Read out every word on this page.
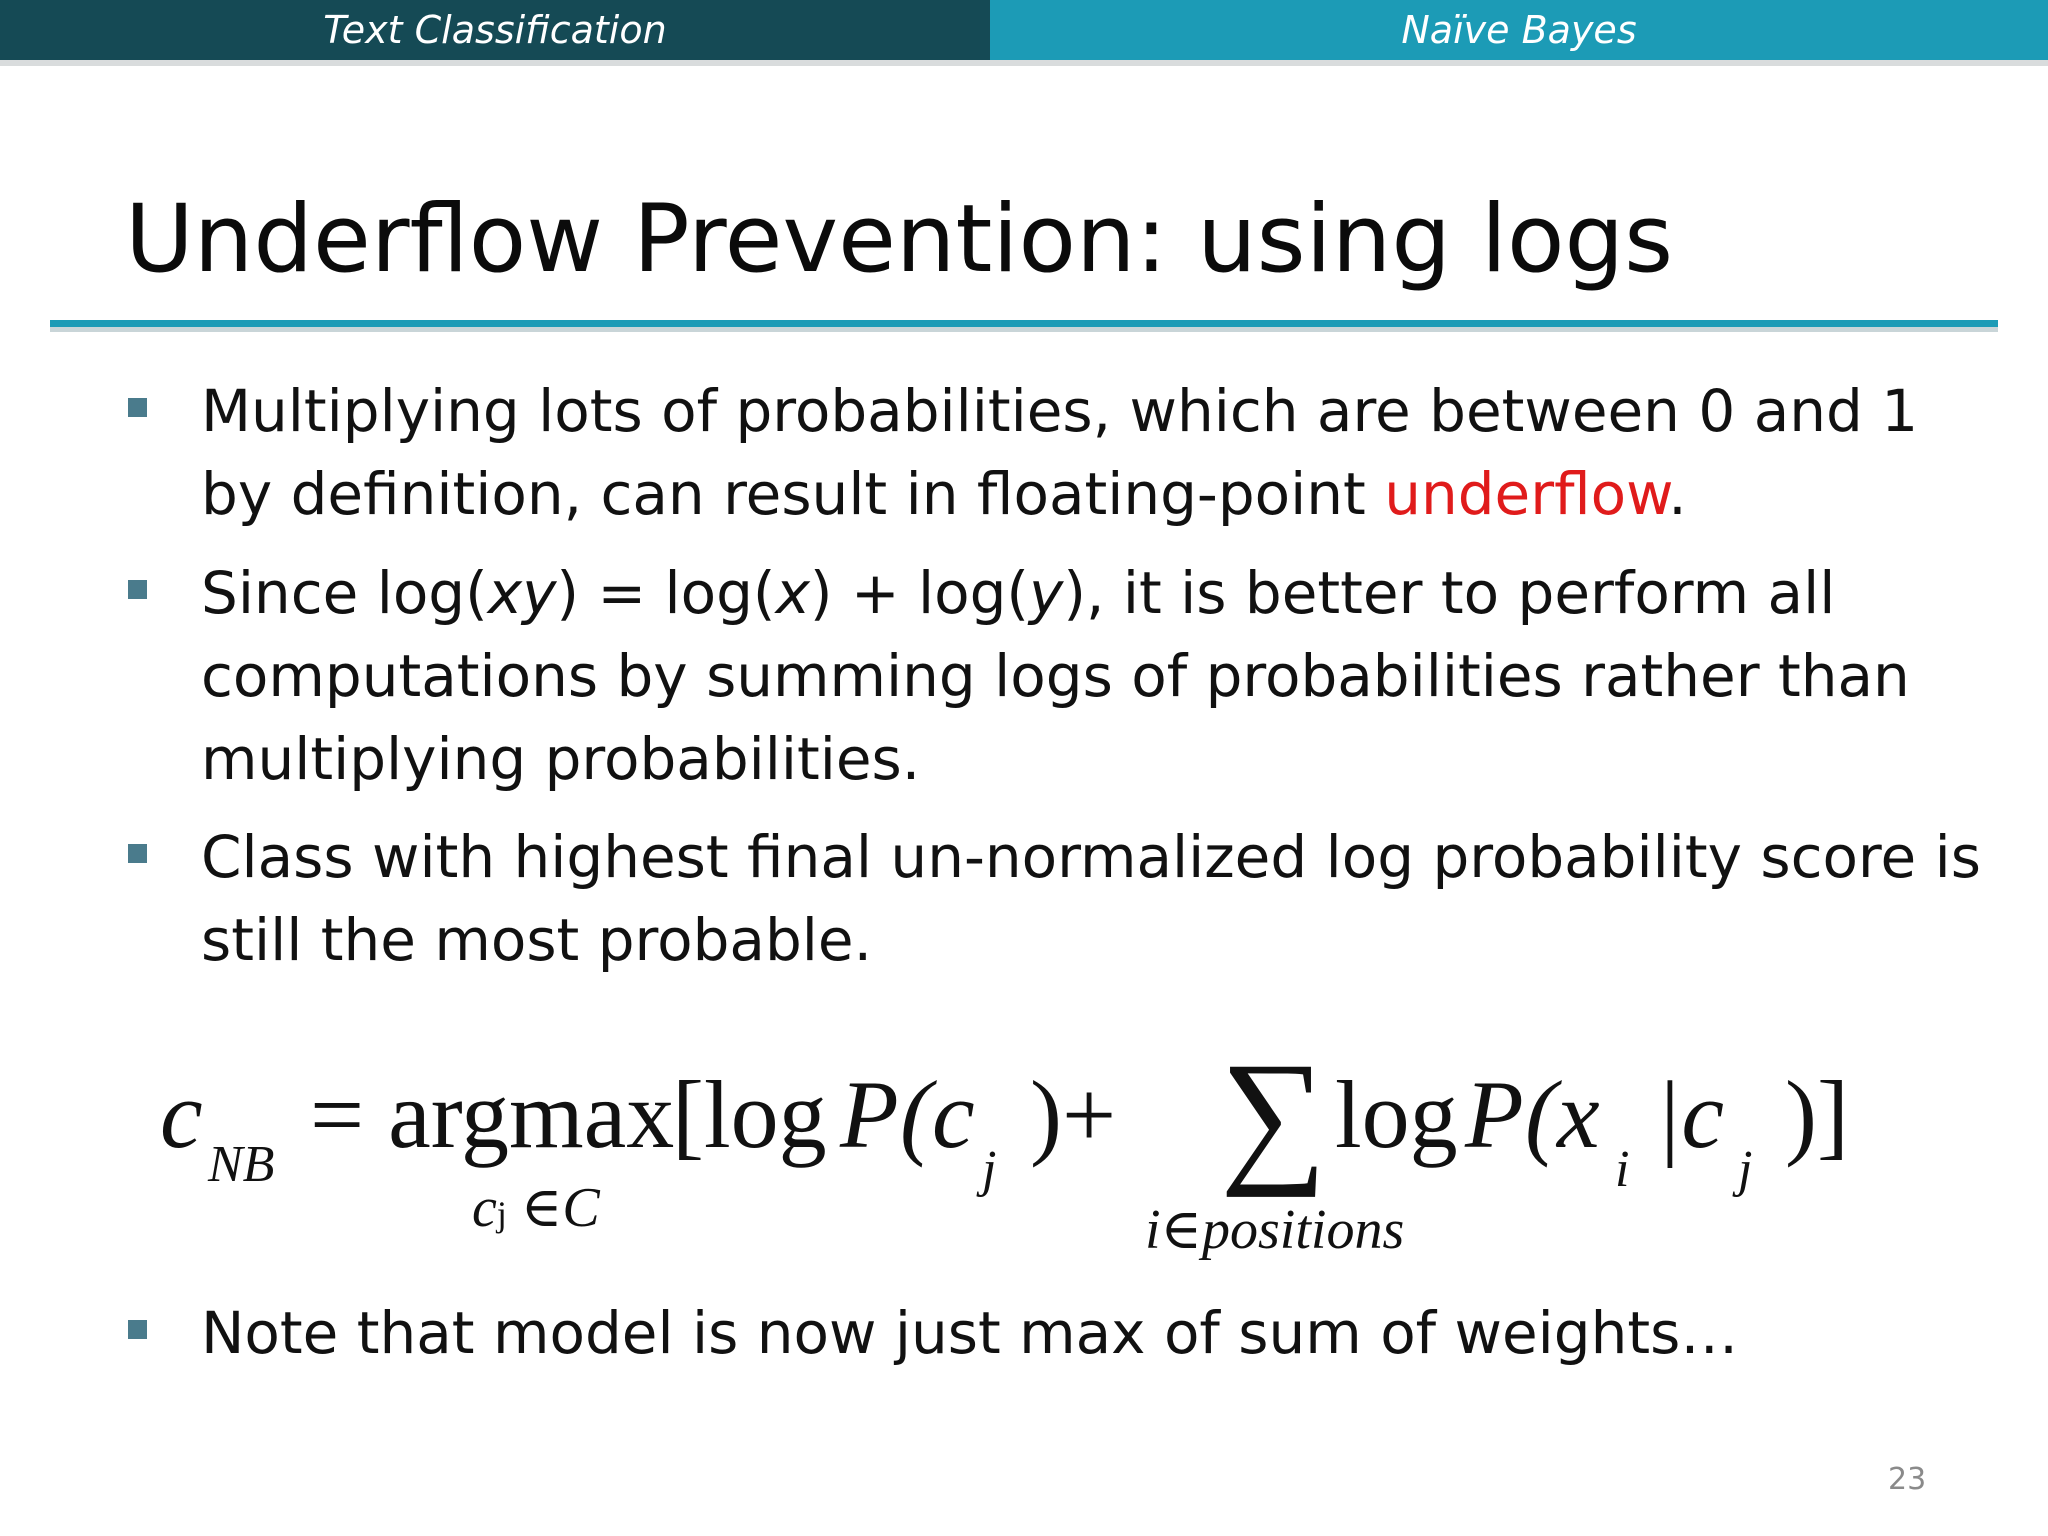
Text Classification	Naïve Bayes
Underflow Prevention: using logs
Multiplying lots of probabilities, which are between 0 and 1
by definition, can result in floating-point underflow.
Since log(xy) = log(x) + log(y), it is better to perform all
computations by summing logs of probabilities rather than
multiplying probabilities.
Class with highest final un-normalized log probability score is
still the most probable.
c NB = argmax
cj ∈C
[log P (c
j
)+ ∑
i∈positions
log P (x
i
|c
j
)]
Note that model is now just max of sum of weights…
23
